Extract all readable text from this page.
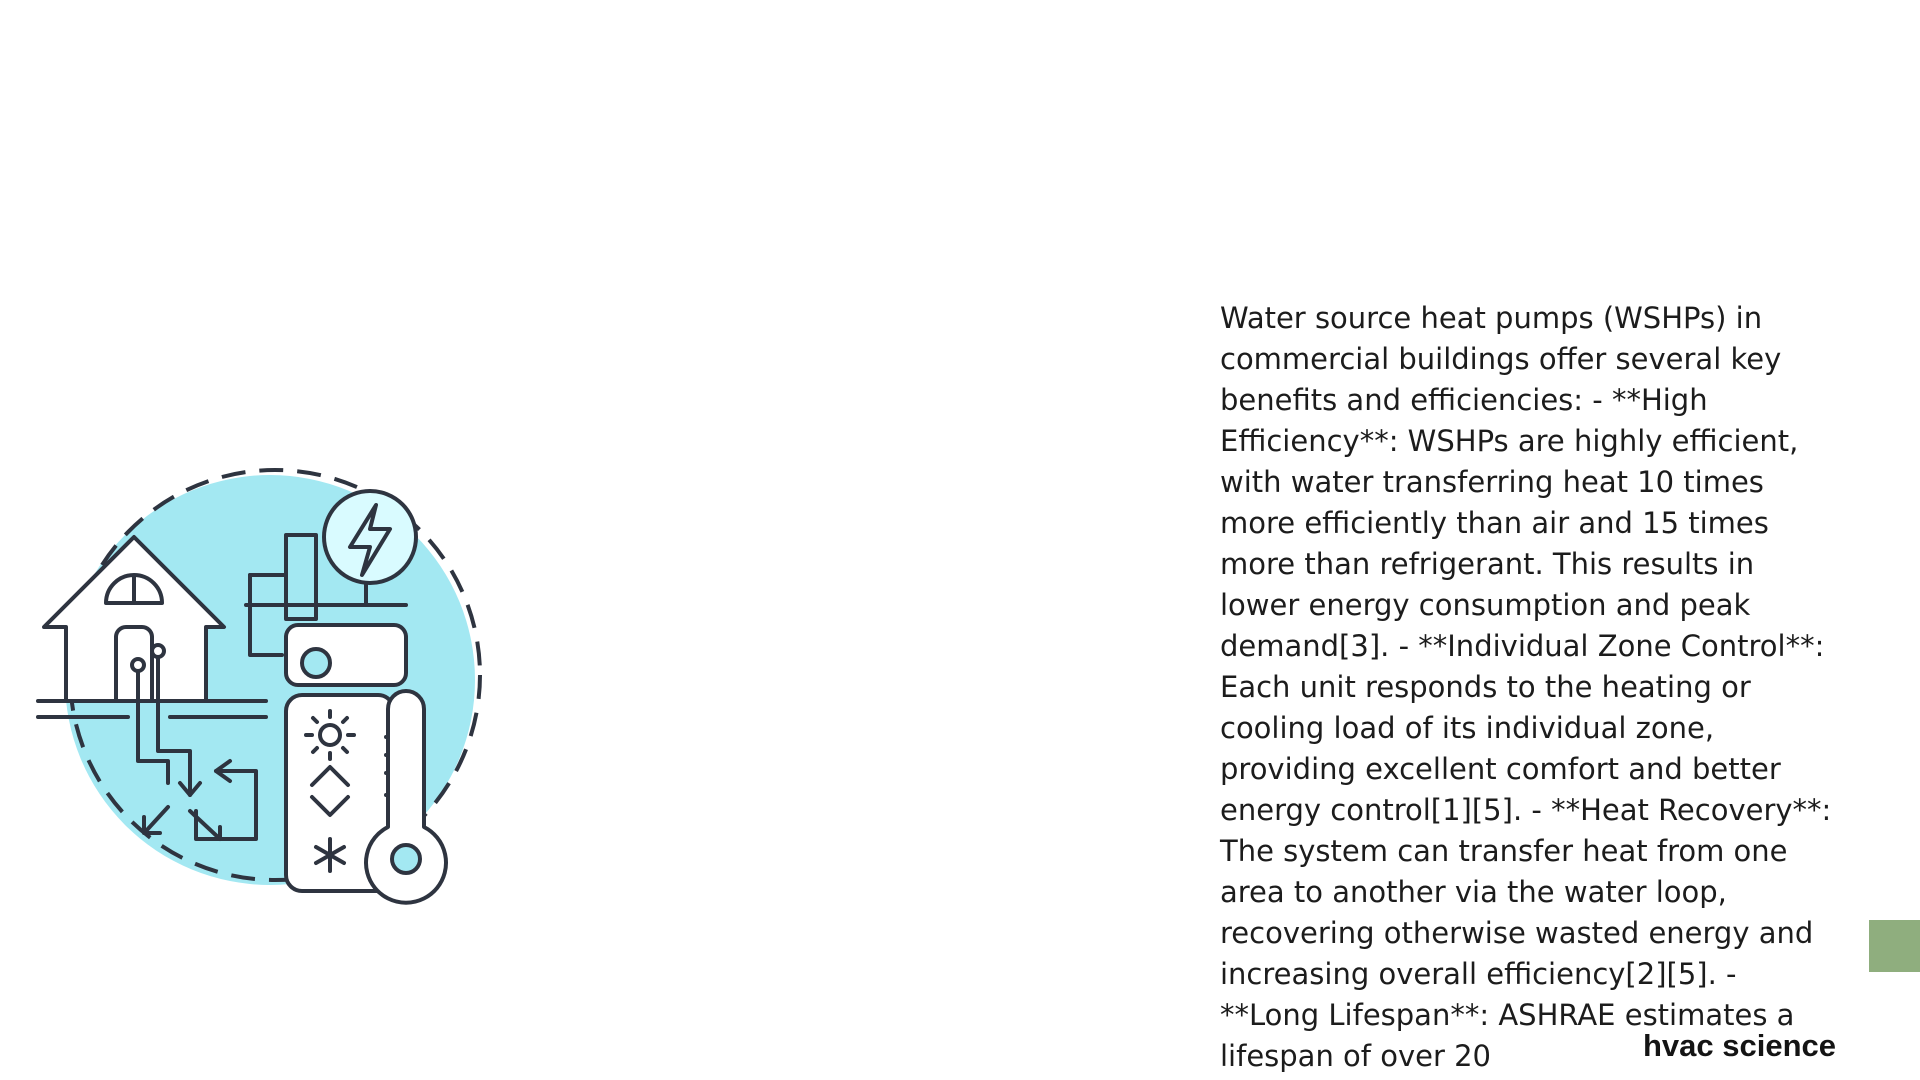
Water source heat pumps (WSHPs) in commercial buildings offer several key benefits and efficiencies: - **High Efficiency**: WSHPs are highly efficient, with water transferring heat 10 times more efficiently than air and 15 times more than refrigerant. This results in lower energy consumption and peak demand[3]. - **Individual Zone Control**: Each unit responds to the heating or cooling load of its individual zone, providing excellent comfort and better energy control[1][5]. - **Heat Recovery**: The system can transfer heat from one area to another via the water loop, recovering otherwise wasted energy and increasing overall efficiency[2][5]. - **Long Lifespan**: ASHRAE estimates a lifespan of over 20	hvac science
